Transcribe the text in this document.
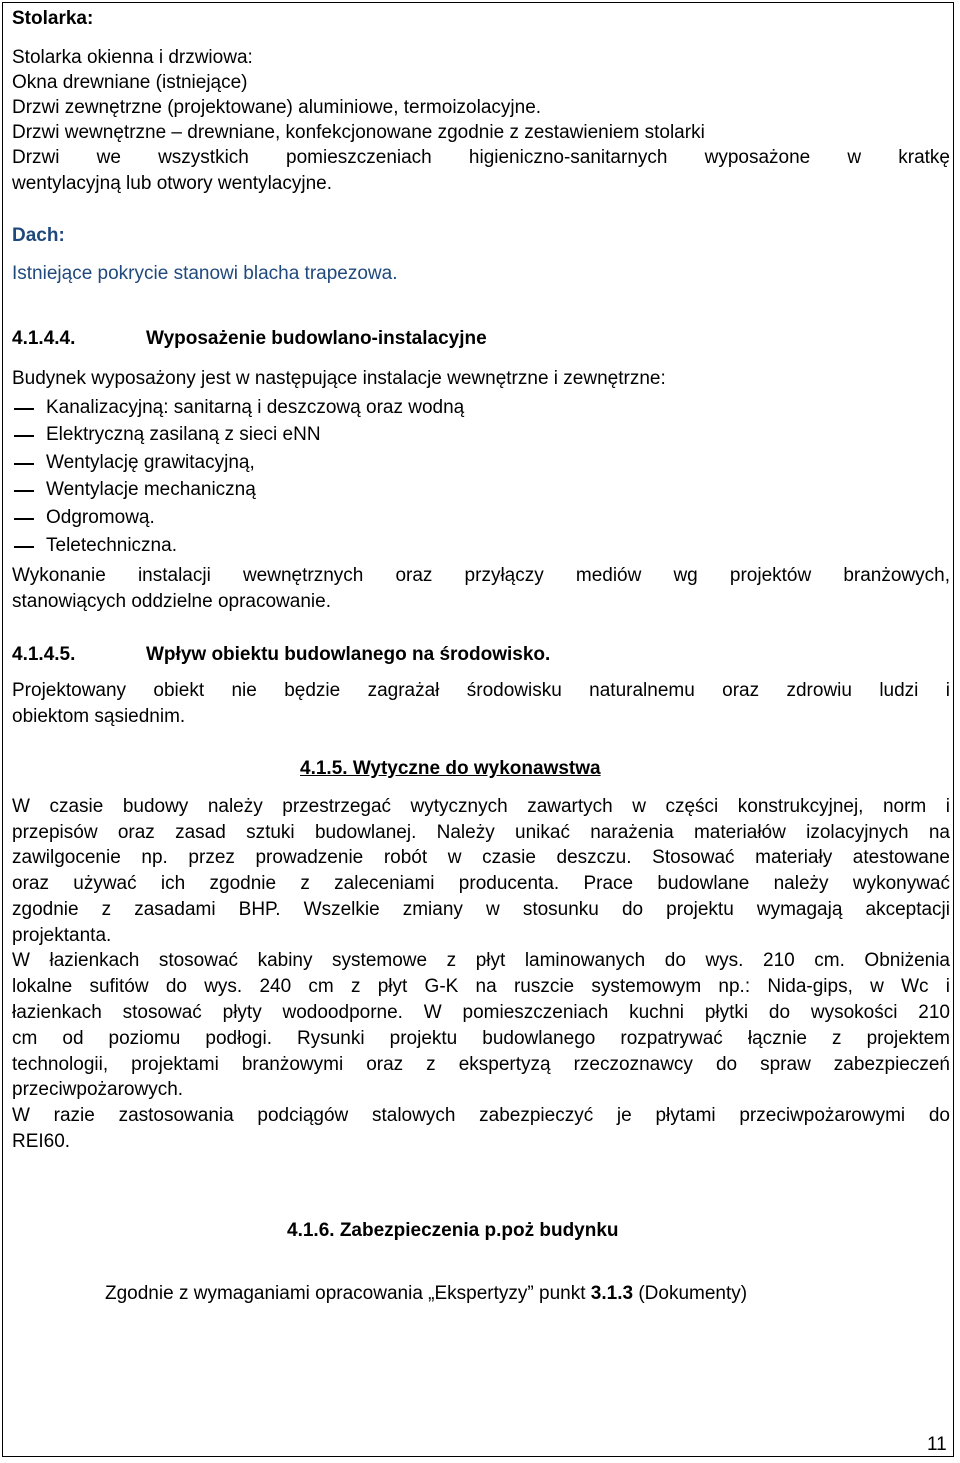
Stolarka:
Stolarka okienna i drzwiowa:
Okna drewniane (istniejące)
Drzwi zewnętrzne (projektowane) aluminiowe, termoizolacyjne.
Drzwi wewnętrzne – drewniane, konfekcjonowane zgodnie z zestawieniem stolarki
Drzwi we wszystkich pomieszczeniach higieniczno-sanitarnych wyposażone w kratkę
wentylacyjną lub otwory wentylacyjne.
Dach:
Istniejące pokrycie stanowi blacha trapezowa.
4.1.4.4.	Wyposażenie budowlano-instalacyjne
Budynek wyposażony jest w następujące instalacje wewnętrzne i zewnętrzne:
Kanalizacyjną: sanitarną i deszczową oraz wodną
Elektryczną zasilaną z sieci eNN
Wentylację grawitacyjną,
Wentylacje mechaniczną
Odgromową.
Teletechniczna.
Wykonanie instalacji wewnętrznych oraz przyłączy mediów wg projektów branżowych,
stanowiących oddzielne opracowanie.
4.1.4.5.	Wpływ obiektu budowlanego na środowisko.
Projektowany obiekt nie będzie zagrażał środowisku naturalnemu oraz zdrowiu ludzi i
obiektom sąsiednim.
4.1.5. Wytyczne do wykonawstwa
W czasie budowy należy przestrzegać wytycznych zawartych w części konstrukcyjnej, norm i
przepisów oraz zasad sztuki budowlanej. Należy unikać narażenia materiałów izolacyjnych na
zawilgocenie np. przez prowadzenie robót w czasie deszczu. Stosować materiały atestowane
oraz używać ich zgodnie z zaleceniami producenta. Prace budowlane należy wykonywać
zgodnie z zasadami BHP. Wszelkie zmiany w stosunku do projektu wymagają akceptacji
projektanta.
W łazienkach stosować kabiny systemowe z płyt laminowanych do wys. 210 cm. Obniżenia
lokalne sufitów do wys. 240 cm z płyt G-K na ruszcie systemowym np.: Nida-gips, w Wc i
łazienkach stosować płyty wodoodporne. W pomieszczeniach kuchni płytki do wysokości 210
cm od poziomu podłogi. Rysunki projektu budowlanego rozpatrywać łącznie z projektem
technologii, projektami branżowymi oraz z ekspertyzą rzeczoznawcy do spraw zabezpieczeń
przeciwpożarowych.
W razie zastosowania podciągów stalowych zabezpieczyć je płytami przeciwpożarowymi do
REI60.
4.1.6. Zabezpieczenia p.poż budynku
Zgodnie z wymaganiami opracowania „Ekspertyzy” punkt 3.1.3 (Dokumenty)
11
